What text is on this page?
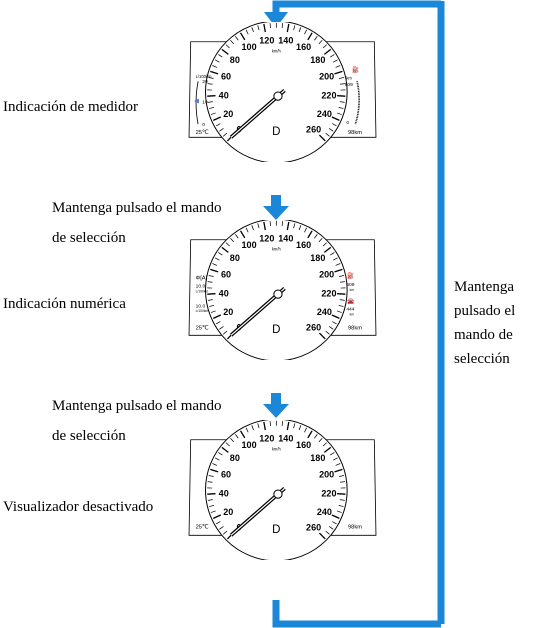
Indicación de medidor
Indicación numérica
Visualizador desactivado
Mantenga pulsado el mando
de selección
Mantenga pulsado el mando
de selección
Mantenga
pulsado el
mando de
selección
20
40
60
80
100
120 140
160
180
200
220
240
260
km/h
D
L/100km
20
10
0
⛽
km
509
0
25℃	98km
20
40
60
80
100
120 140
160
180
200
220
240
260
km/h
D
Φ[A]
10.0
L/100km
10.0
L/100km
⛽
509
km
🚘
444
km
25℃	98km
20
40
60
80
100
120 140
160
180
200
220
240
260
km/h
D
25℃	98km
